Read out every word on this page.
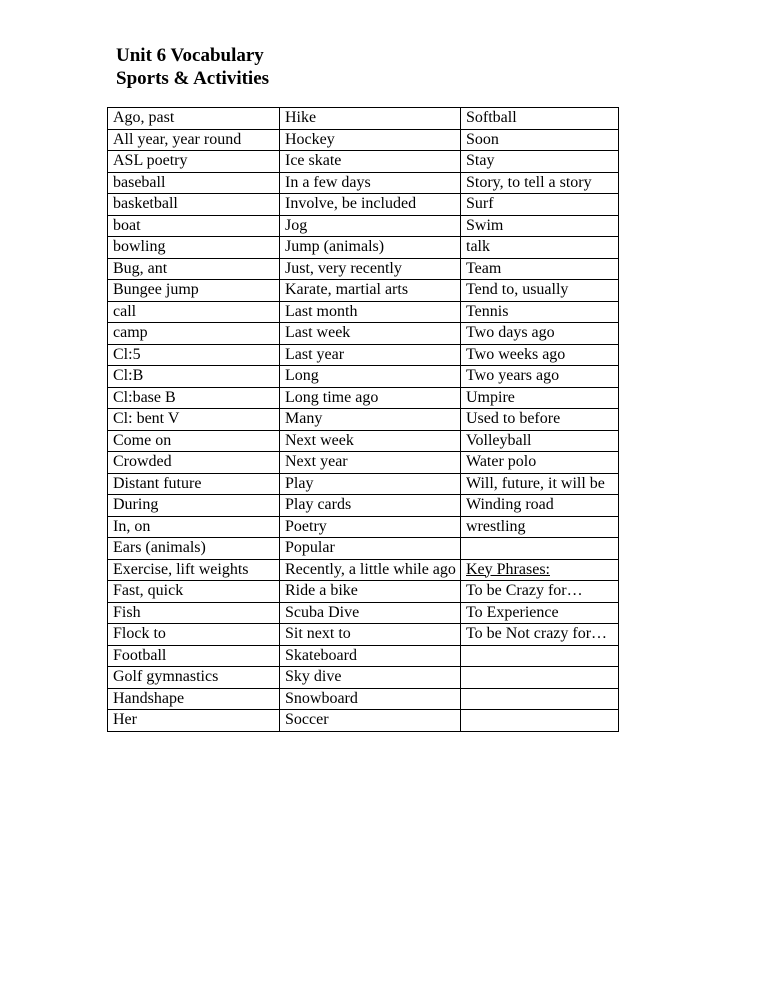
Unit 6 Vocabulary
Sports & Activities
Ago, past	Hike	Softball
All year, year round	Hockey	Soon
ASL poetry	Ice skate	Stay
baseball	In a few days	Story, to tell a story
basketball	Involve, be included	Surf
boat	Jog	Swim
bowling	Jump (animals)	talk
Bug, ant	Just, very recently	Team
Bungee jump	Karate, martial arts	Tend to, usually
call	Last month	Tennis
camp	Last week	Two days ago
Cl:5	Last year	Two weeks ago
Cl:B	Long	Two years ago
Cl:base B	Long time ago	Umpire
Cl: bent V	Many	Used to before
Come on	Next week	Volleyball
Crowded	Next year	Water polo
Distant future	Play	Will, future, it will be
During	Play cards	Winding road
In, on	Poetry	wrestling
Ears (animals)	Popular	
Exercise, lift weights	Recently, a little while ago	Key Phrases:
Fast, quick	Ride a bike	To be Crazy for…
Fish	Scuba Dive	To Experience
Flock to	Sit next to	To be Not crazy for…
Football	Skateboard	
Golf gymnastics	Sky dive	
Handshape	Snowboard	
Her	Soccer	
